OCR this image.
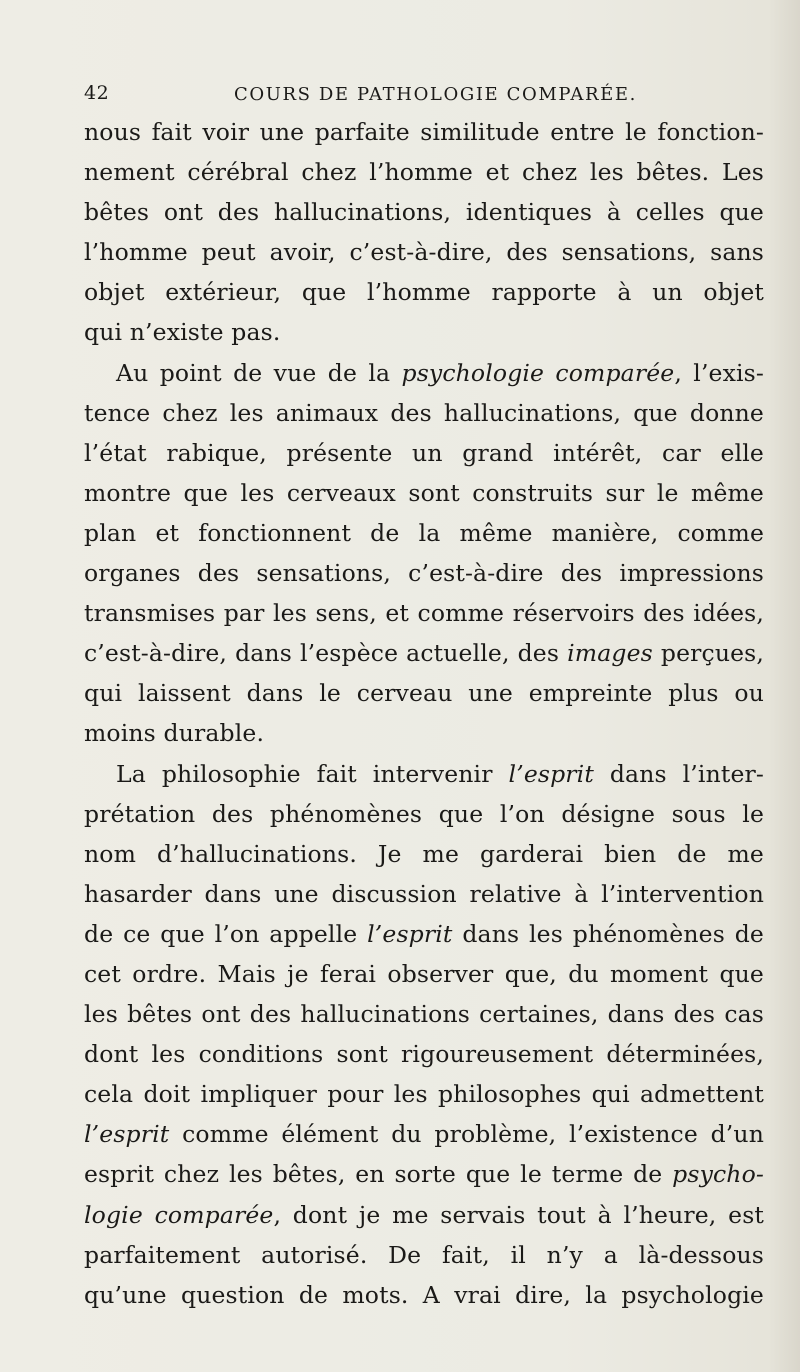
42	COURS DE PATHOLOGIE COMPARÉE.
nous fait voir une parfaite similitude entre le fonction-
nement cérébral chez l’homme et chez les bêtes. Les
bêtes ont des hallucinations, identiques à celles que
l’homme peut avoir, c’est-à-dire, des sensations, sans
objet extérieur, que l’homme rapporte à un objet
qui n’existe pas.
Au point de vue de la psychologie comparée, l’exis-
tence chez les animaux des hallucinations, que donne
l’état rabique, présente un grand intérêt, car elle
montre que les cerveaux sont construits sur le même
plan et fonctionnent de la même manière, comme
organes des sensations, c’est-à-dire des impressions
transmises par les sens, et comme réservoirs des idées,
c’est-à-dire, dans l’espèce actuelle, des images perçues,
qui laissent dans le cerveau une empreinte plus ou
moins durable.
La philosophie fait intervenir l’esprit dans l’inter-
prétation des phénomènes que l’on désigne sous le
nom d’hallucinations. Je me garderai bien de me
hasarder dans une discussion relative à l’intervention
de ce que l’on appelle l’esprit dans les phénomènes de
cet ordre. Mais je ferai observer que, du moment que
les bêtes ont des hallucinations certaines, dans des cas
dont les conditions sont rigoureusement déterminées,
cela doit impliquer pour les philosophes qui admettent
l’esprit comme élément du problème, l’existence d’un
esprit chez les bêtes, en sorte que le terme de psycho-
logie comparée, dont je me servais tout à l’heure, est
parfaitement autorisé. De fait, il n’y a là-dessous
qu’une question de mots. A vrai dire, la psychologie
